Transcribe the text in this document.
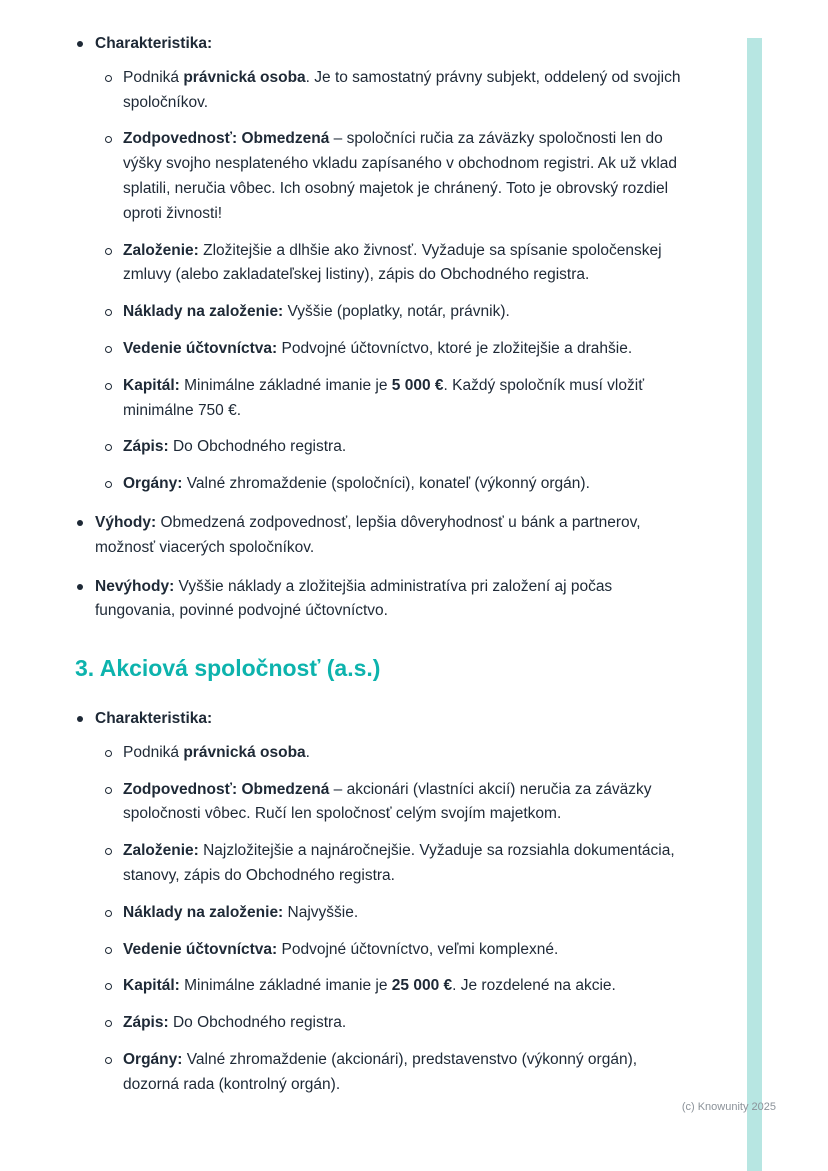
Charakteristika:
Podniká právnická osoba. Je to samostatný právny subjekt, oddelený od svojich spoločníkov.
Zodpovednosť: Obmedzená – spoločníci ručia za záväzky spoločnosti len do výšky svojho nesplateného vkladu zapísaného v obchodnom registri. Ak už vklad splatili, neručia vôbec. Ich osobný majetok je chránený. Toto je obrovský rozdiel oproti živnosti!
Založenie: Zložitejšie a dlhšie ako živnosť. Vyžaduje sa spísanie spoločenskej zmluvy (alebo zakladateľskej listiny), zápis do Obchodného registra.
Náklady na založenie: Vyššie (poplatky, notár, právnik).
Vedenie účtovníctva: Podvojné účtovníctvo, ktoré je zložitejšie a drahšie.
Kapitál: Minimálne základné imanie je 5 000 €. Každý spoločník musí vložiť minimálne 750 €.
Zápis: Do Obchodného registra.
Orgány: Valné zhromaždenie (spoločníci), konateľ (výkonný orgán).
Výhody: Obmedzená zodpovednosť, lepšia dôveryhodnosť u bánk a partnerov, možnosť viacerých spoločníkov.
Nevýhody: Vyššie náklady a zložitejšia administratíva pri založení aj počas fungovania, povinné podvojné účtovníctvo.
3. Akciová spoločnosť (a.s.)
Charakteristika:
Podniká právnická osoba.
Zodpovednosť: Obmedzená – akcionári (vlastníci akcií) neručia za záväzky spoločnosti vôbec. Ručí len spoločnosť celým svojím majetkom.
Založenie: Najzložitejšie a najnáročnejšie. Vyžaduje sa rozsiahla dokumentácia, stanovy, zápis do Obchodného registra.
Náklady na založenie: Najvyššie.
Vedenie účtovníctva: Podvojné účtovníctvo, veľmi komplexné.
Kapitál: Minimálne základné imanie je 25 000 €. Je rozdelené na akcie.
Zápis: Do Obchodného registra.
Orgány: Valné zhromaždenie (akcionári), predstavenstvo (výkonný orgán), dozorná rada (kontrolný orgán).
(c) Knowunity 2025
